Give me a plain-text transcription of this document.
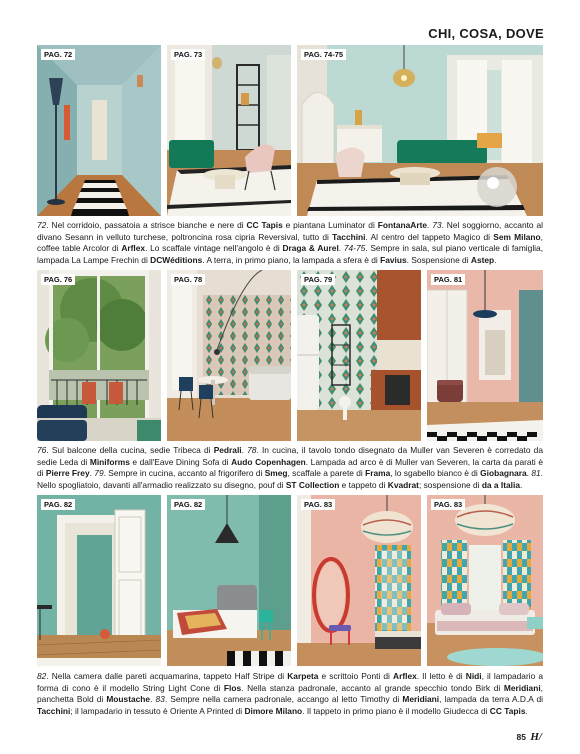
CHI, COSA, DOVE
PAG. 72	PAG. 73	PAG. 74-75
72. Nel corridoio, passatoia a strisce bianche e nere di CC Tapis e piantana Luminator di FontanaArte. 73. Nel soggiorno, accanto al divano Sesann in velluto turchese, poltroncina rosa cipria Reversival, tutto di Tacchini. Al centro del tappeto Magico di Sem Milano, coffee table Arcolor di Arflex. Lo scaffale vintage nell'angolo è di Draga & Aurel. 74-75. Sempre in sala, sul piano verticale di famiglia, lampada La Lampe Frechin di DCWéditions. A terra, in primo piano, la lampada a sfera è di Favius. Sospensione di Astep.
PAG. 76	PAG. 78	PAG. 79	PAG. 81
76. Sul balcone della cucina, sedie Tribeca di Pedrali. 78. In cucina, il tavolo tondo disegnato da Muller van Severen è corredato da sedie Leda di Miniforms e dall'Eave Dining Sofa di Audo Copenhagen. Lampada ad arco è di Muller van Severen, la carta da parati è di Pierre Frey. 79. Sempre in cucina, accanto al frigorifero di Smeg, scaffale a parete di Frama, lo sgabello bianco è di Giobagnara. 81. Nello spogliatoio, davanti all'armadio realizzato su disegno, pouf di ST Collection e tappeto di Kvadrat; sospensione di da a Italia.
PAG. 82	PAG. 82	PAG. 83	PAG. 83
82. Nella camera dalle pareti acquamarina, tappeto Half Stripe di Karpeta e scrittoio Ponti di Arflex. Il letto è di Nidi, il lampadario a forma di cono è il modello String Light Cone di Flos. Nella stanza padronale, accanto al grande specchio tondo Birk di Meridiani, panchetta Bold di Moustache. 83. Sempre nella camera padronale, accango al letto Timothy di Meridiani, lampada da terra A.D.A di Tacchini; il lampadario in tessuto è Oriente A Printed di Dimore Milano. Il tappeto in primo piano è il modello Giudecca di CC Tapis.
85 H/
